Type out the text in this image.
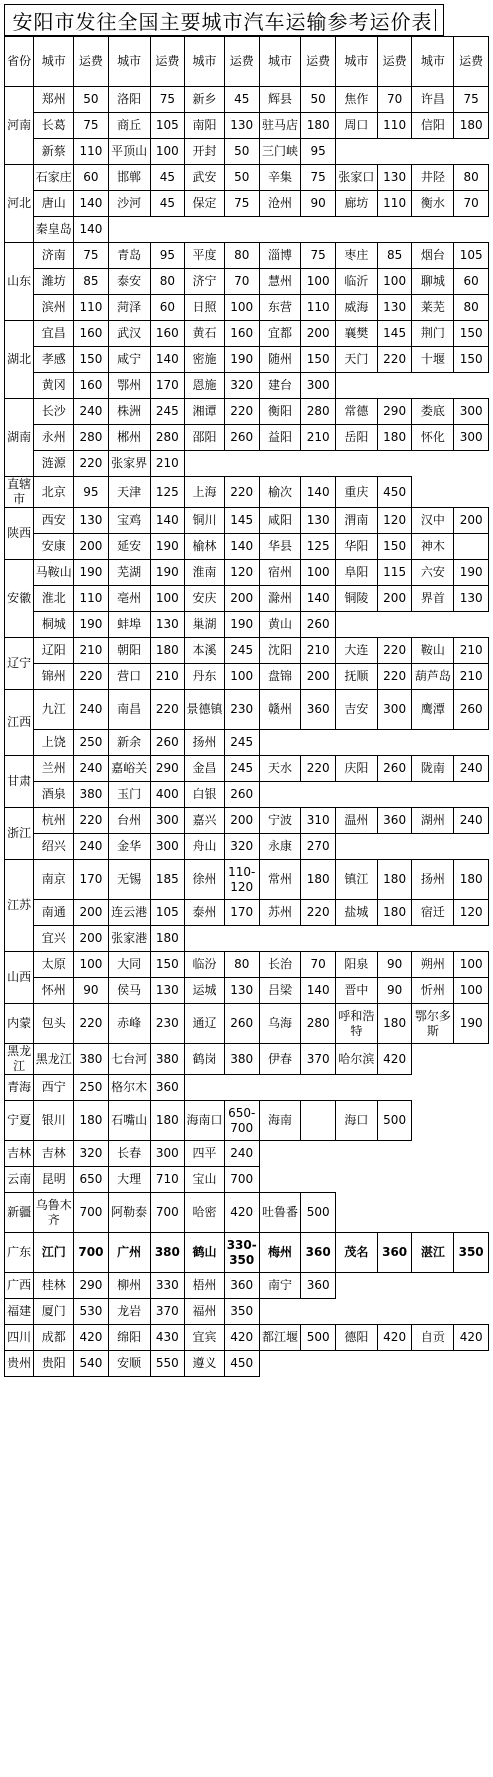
安阳市发往全国主要城市汽车运输参考运价表
省份	城市	运费	城市	运费	城市	运费	城市	运费	城市	运费	城市	运费
河南	郑州	50	洛阳	75	新乡	45	辉县	50	焦作	70	许昌	75
	长葛	75	商丘	105	南阳	130	驻马店	180	周口	110	信阳	180
	新蔡	110	平顶山	100	开封	50	三门峡	95				
河北	石家庄	60	邯郸	45	武安	50	辛集	75	张家口	130	井陉	80
	唐山	140	沙河	45	保定	75	沧州	90	廊坊	110	衡水	70
	秦皇岛	140										
山东	济南	75	青岛	95	平度	80	淄博	75	枣庄	85	烟台	105
	潍坊	85	泰安	80	济宁	70	慧州	100	临沂	100	聊城	60
	滨州	110	菏泽	60	日照	100	东营	110	威海	130	莱芜	80
湖北	宜昌	160	武汉	160	黄石	160	宜都	200	襄樊	145	荆门	150
	孝感	150	咸宁	140	密施	190	随州	150	天门	220	十堰	150
	黄冈	160	鄂州	170	恩施	320	建台	300				
湖南	长沙	240	株洲	245	湘谭	220	衡阳	280	常德	290	娄底	300
	永州	280	郴州	280	邵阳	260	益阳	210	岳阳	180	怀化	300
	涟源	220	张家界	210								
直辖市	北京	95	天津	125	上海	220	榆次	140	重庆	450		
陕西	西安	130	宝鸡	140	铜川	145	咸阳	130	渭南	120	汉中	200
	安康	200	延安	190	榆林	140	华县	125	华阳	150	神木	
安徽	马鞍山	190	芜湖	190	淮南	120	宿州	100	阜阳	115	六安	190
	淮北	110	亳州	100	安庆	200	滁州	140	铜陵	200	界首	130
	桐城	190	蚌埠	130	巢湖	190	黄山	260				
辽宁	辽阳	210	朝阳	180	本溪	245	沈阳	210	大连	220	鞍山	210
	锦州	220	营口	210	丹东	100	盘锦	200	抚顺	220	葫芦岛	210
江西	九江	240	南昌	220	景德镇	230	赣州	360	吉安	300	鹰潭	260
	上饶	250	新余	260	扬州	245						
甘肃	兰州	240	嘉峪关	290	金昌	245	天水	220	庆阳	260	陇南	240
	酒泉	380	玉门	400	白银	260						
浙江	杭州	220	台州	300	嘉兴	200	宁波	310	温州	360	湖州	240
	绍兴	240	金华	300	舟山	320	永康	270				
江苏	南京	170	无锡	185	徐州	110-120	常州	180	镇江	180	扬州	180
	南通	200	连云港	105	泰州	170	苏州	220	盐城	180	宿迁	120
	宜兴	200	张家港	180								
山西	太原	100	大同	150	临汾	80	长治	70	阳泉	90	朔州	100
	怀州	90	侯马	130	运城	130	吕梁	140	晋中	90	忻州	100
内蒙	包头	220	赤峰	230	通辽	260	乌海	280	呼和浩特	180	鄂尔多斯	190
黑龙江	黑龙江	380	七台河	380	鹤岗	380	伊春	370	哈尔滨	420		
青海	西宁	250	格尔木	360								
宁夏	银川	180	石嘴山	180	海南口	650-700	海南		海口	500		
吉林	吉林	320	长春	300	四平	240						
云南	昆明	650	大理	710	宝山	700						
新疆	乌鲁木齐	700	阿勒泰	700	哈密	420	吐鲁番	500				
广东	江门	700	广州	380	鹤山	330-350	梅州	360	茂名	360	湛江	350
广西	桂林	290	柳州	330	梧州	360	南宁	360				
福建	厦门	530	龙岩	370	福州	350						
四川	成都	420	绵阳	430	宜宾	420	都江堰	500	德阳	420	自贡	420
贵州	贵阳	540	安顺	550	遵义	450						
